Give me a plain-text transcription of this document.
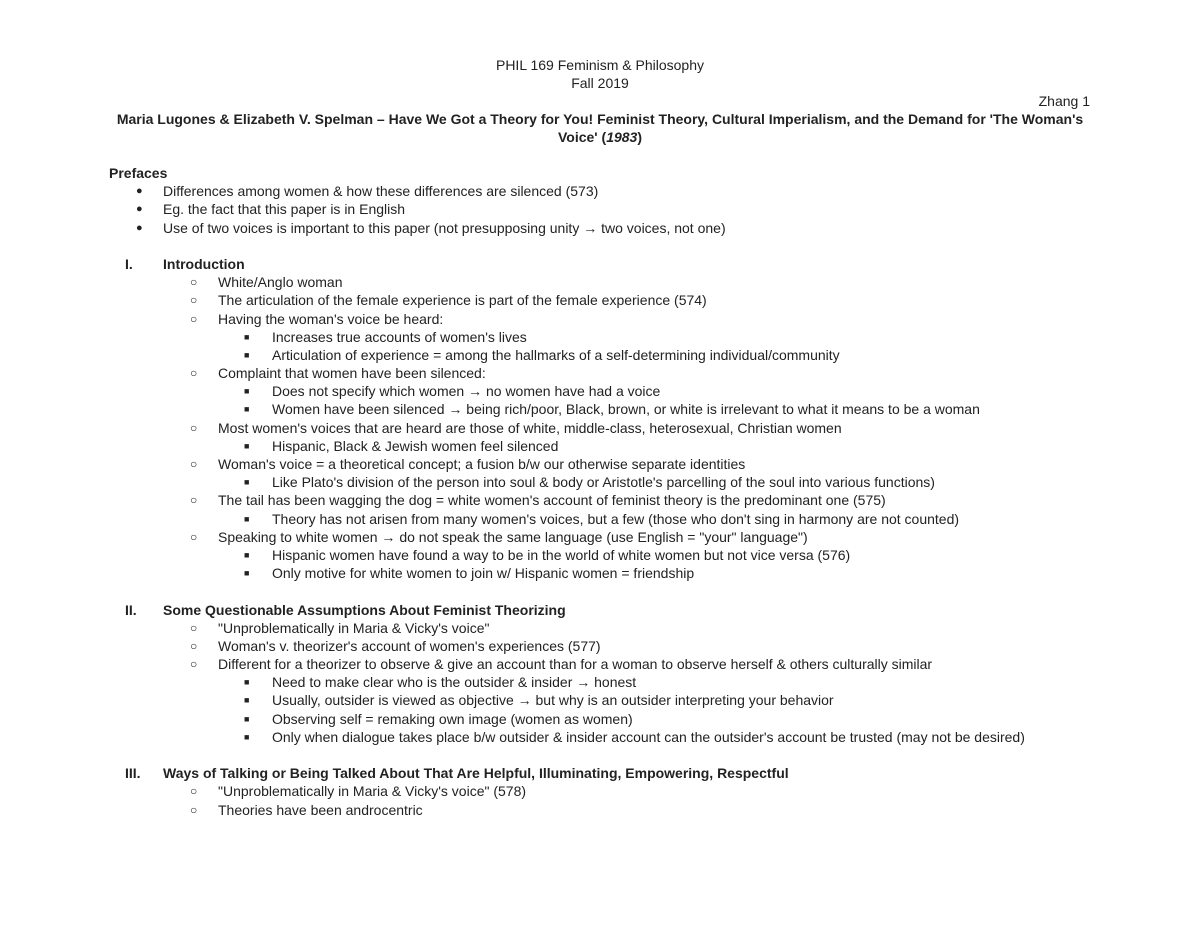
PHIL 169 Feminism & Philosophy
Fall 2019
Zhang 1
Maria Lugones & Elizabeth V. Spelman – Have We Got a Theory for You! Feminist Theory, Cultural Imperialism, and the Demand for 'The Woman's Voice' (1983)
Prefaces
● Differences among women & how these differences are silenced (573)
● Eg. the fact that this paper is in English
● Use of two voices is important to this paper (not presupposing unity → two voices, not one)
I. Introduction
○ White/Anglo woman
○ The articulation of the female experience is part of the female experience (574)
○ Having the woman's voice be heard:
■ Increases true accounts of women's lives
■ Articulation of experience = among the hallmarks of a self-determining individual/community
○ Complaint that women have been silenced:
■ Does not specify which women → no women have had a voice
■ Women have been silenced → being rich/poor, Black, brown, or white is irrelevant to what it means to be a woman
○ Most women's voices that are heard are those of white, middle-class, heterosexual, Christian women
■ Hispanic, Black & Jewish women feel silenced
○ Woman's voice = a theoretical concept; a fusion b/w our otherwise separate identities
■ Like Plato's division of the person into soul & body or Aristotle's parcelling of the soul into various functions)
○ The tail has been wagging the dog = white women's account of feminist theory is the predominant one (575)
■ Theory has not arisen from many women's voices, but a few (those who don't sing in harmony are not counted)
○ Speaking to white women → do not speak the same language (use English = "your" language")
■ Hispanic women have found a way to be in the world of white women but not vice versa (576)
■ Only motive for white women to join w/ Hispanic women = friendship
II. Some Questionable Assumptions About Feminist Theorizing
○ "Unproblematically in Maria & Vicky's voice"
○ Woman's v. theorizer's account of women's experiences (577)
○ Different for a theorizer to observe & give an account than for a woman to observe herself & others culturally similar
■ Need to make clear who is the outsider & insider → honest
■ Usually, outsider is viewed as objective → but why is an outsider interpreting your behavior
■ Observing self = remaking own image (women as women)
■ Only when dialogue takes place b/w outsider & insider account can the outsider's account be trusted (may not be desired)
III. Ways of Talking or Being Talked About That Are Helpful, Illuminating, Empowering, Respectful
○ "Unproblematically in Maria & Vicky's voice" (578)
○ Theories have been androcentric
